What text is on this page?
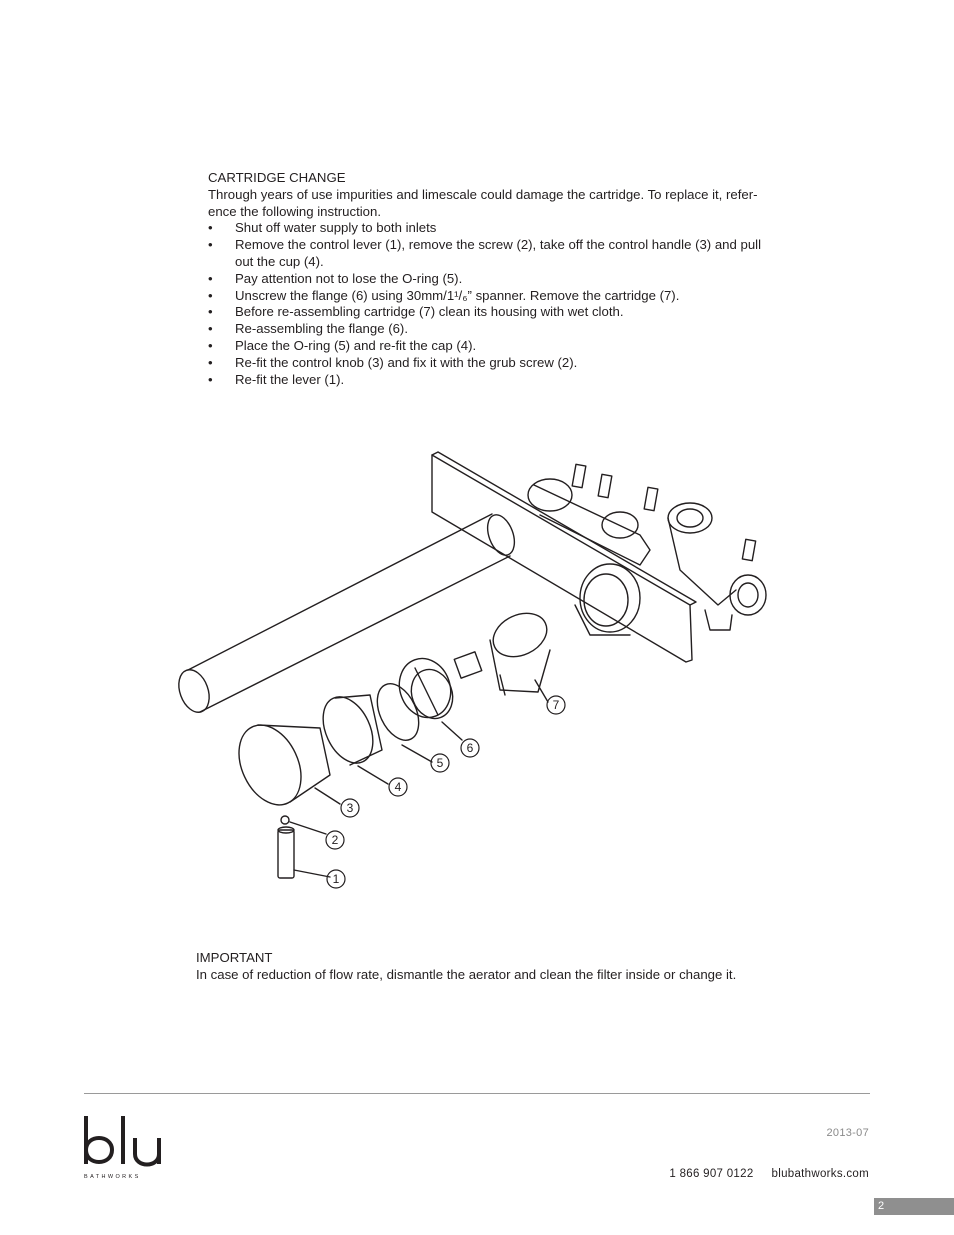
CARTRIDGE CHANGE

Through years of use impurities and limescale could damage the cartridge. To replace it, refer-
ence the following instruction.

• Shut off water supply to both inlets
• Remove the control lever (1), remove the screw (2), take off the control handle (3) and pull out the cup (4).
• Pay attention not to lose the O-ring (5).
• Unscrew the flange (6) using 30mm/1¹/₆” spanner. Remove the cartridge (7).
• Before re-assembling cartridge (7) clean its housing with wet cloth.
• Re-assembling the flange (6).
• Place the O-ring (5) and re-fit the cap (4).
• Re-fit the control knob (3) and fix it with the grub screw (2).
• Re-fit the lever (1).
7
6
5
4
3
2
1
IMPORTANT
In case of reduction of flow rate, dismantle the aerator and clean the filter inside or change it.
BATHWORKS
2013-07
1 866 907 0122 blubathworks.com
2
